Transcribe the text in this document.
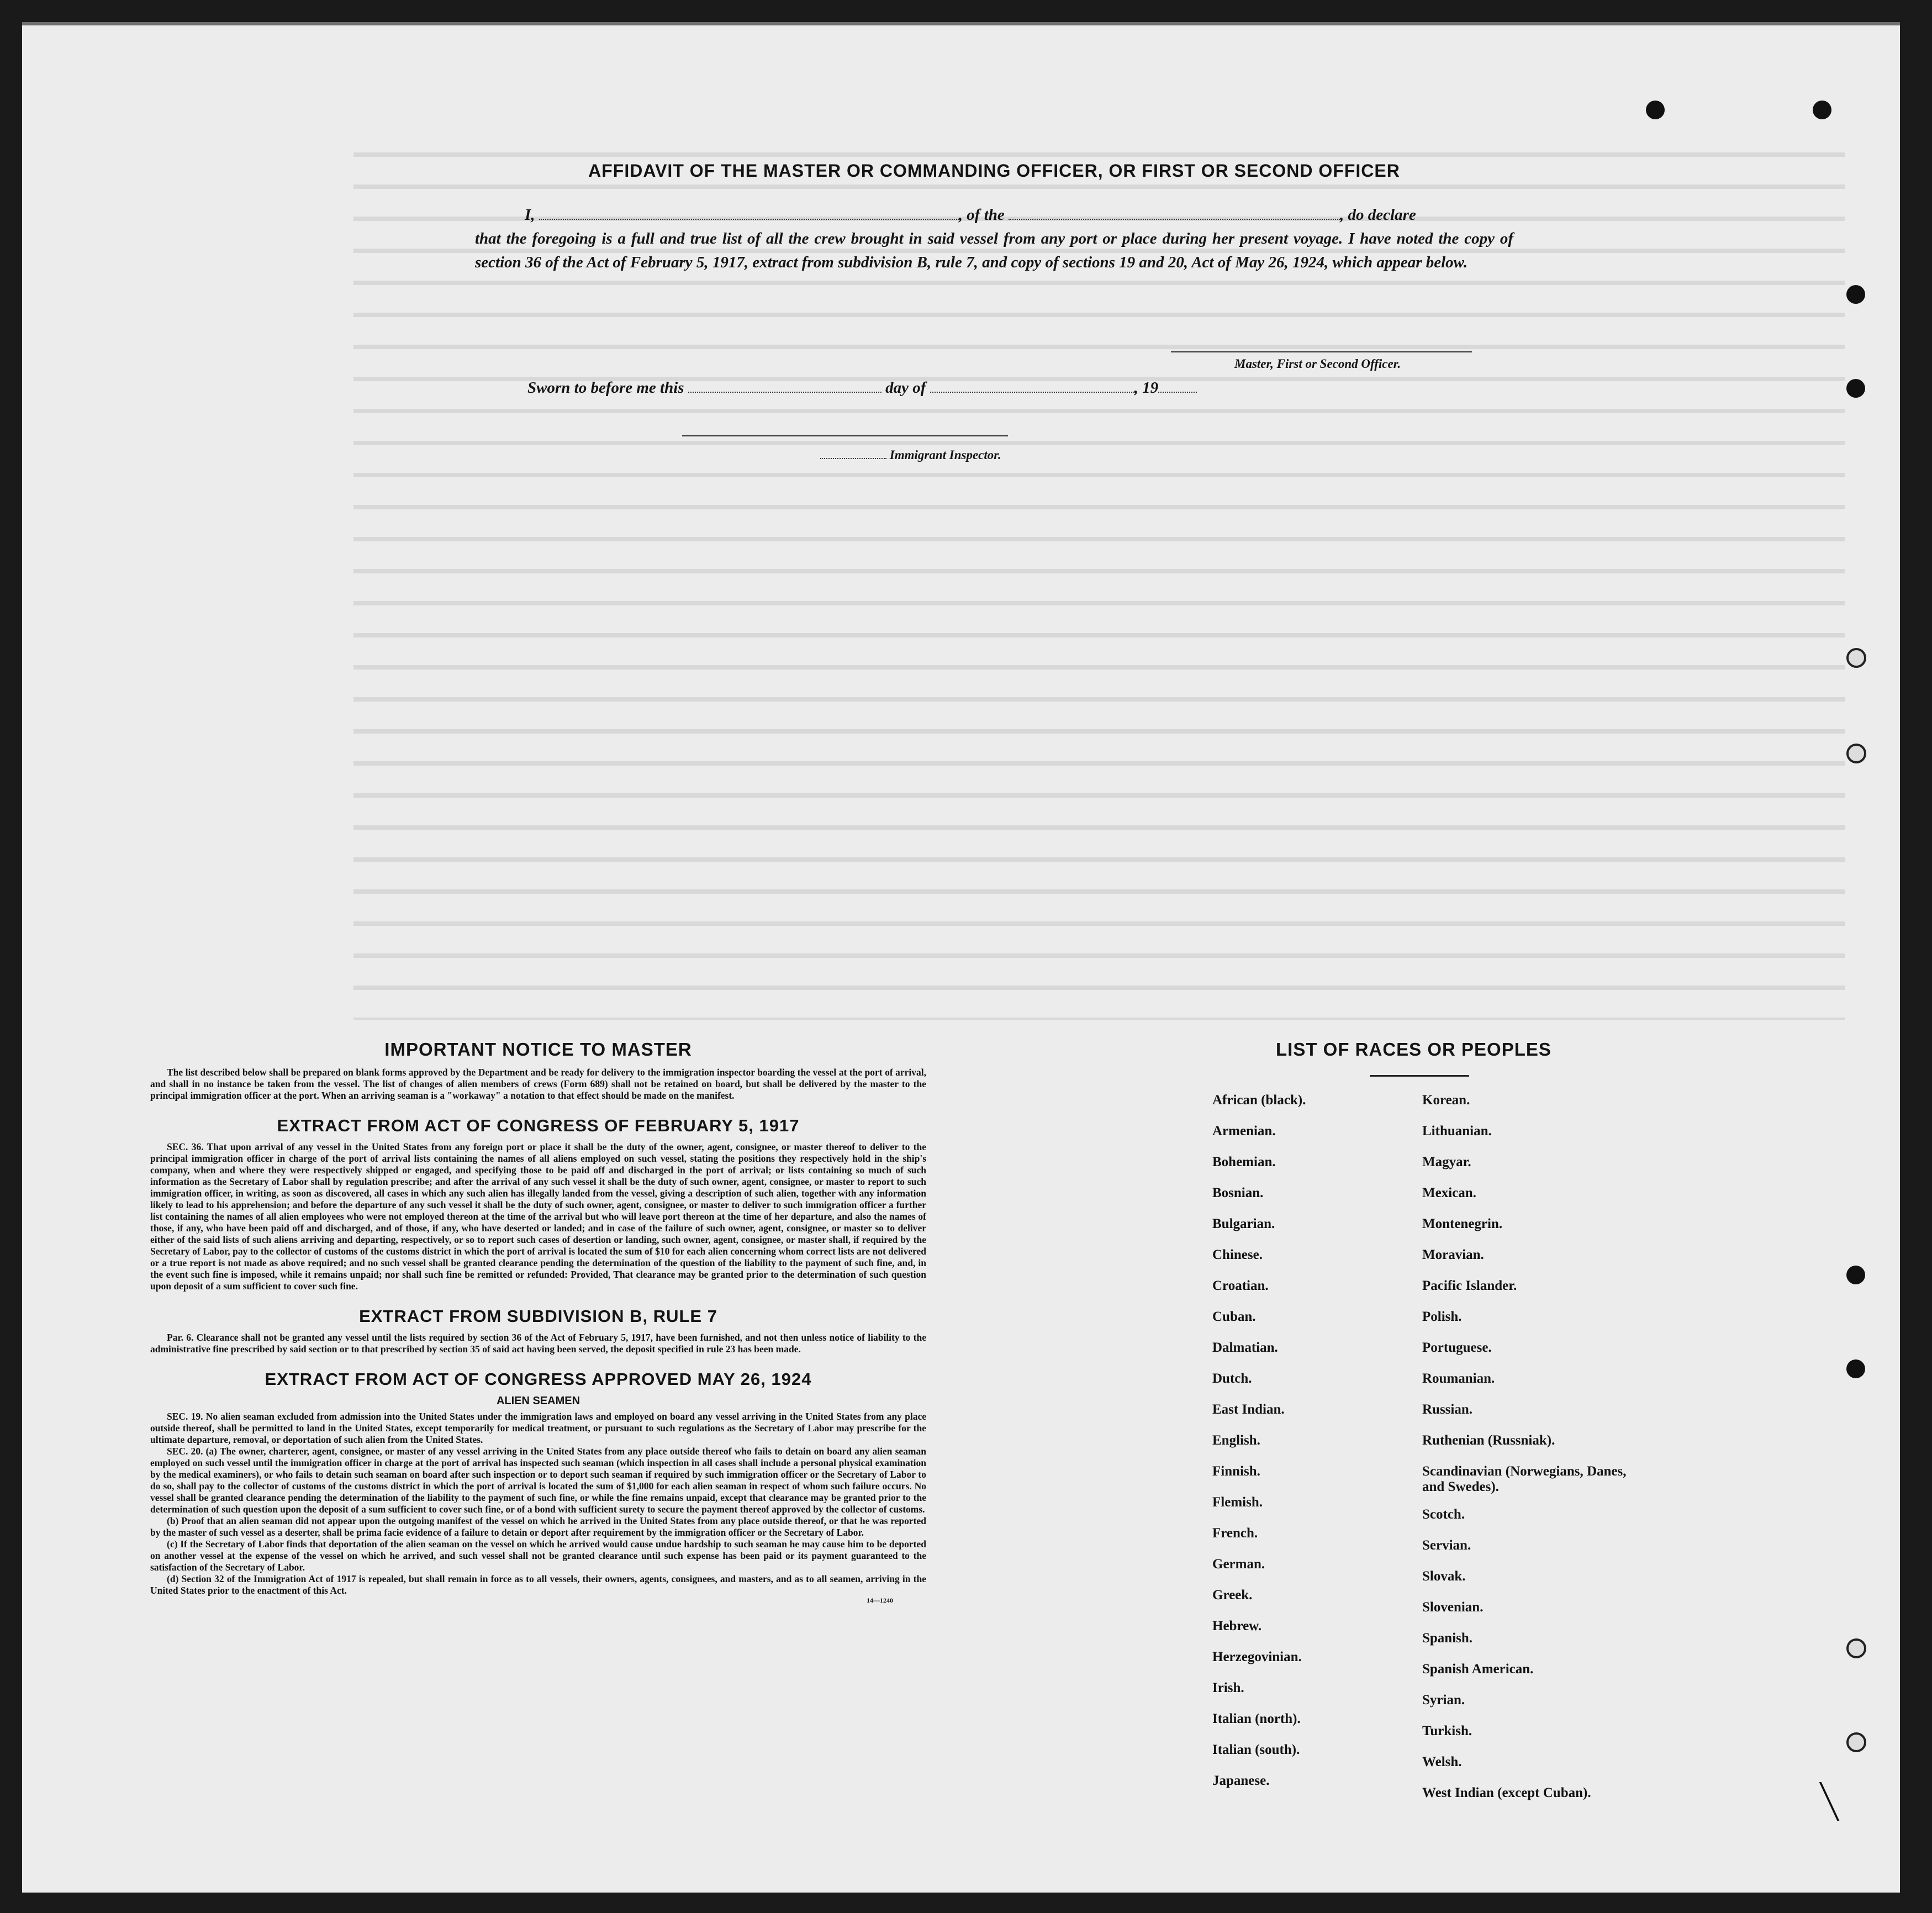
AFFIDAVIT OF THE MASTER OR COMMANDING OFFICER, OR FIRST OR SECOND OFFICER

I,	, of the	, do declare

that the foregoing is a full and true list of all the crew brought in said vessel from any port or place during her present voyage. I have noted the copy of section 36 of the Act of February 5, 1917, extract from subdivision B, rule 7, and copy of sections 19 and 20, Act of May 26, 1924, which appear below.

Master, First or Second Officer.
Sworn to before me this	day of	, 19
Immigrant Inspector.

IMPORTANT NOTICE TO MASTER

The list described below shall be prepared on blank forms approved by the Department and be ready for delivery to the immigration inspector boarding the vessel at the port of arrival, and shall in no instance be taken from the vessel. The list of changes of alien members of crews (Form 689) shall not be retained on board, but shall be delivered by the master to the principal immigration officer at the port. When an arriving seaman is a "workaway" a notation to that effect should be made on the manifest.

EXTRACT FROM ACT OF CONGRESS OF FEBRUARY 5, 1917

SEC. 36. That upon arrival of any vessel in the United States from any foreign port or place it shall be the duty of the owner, agent, consignee, or master thereof to deliver to the principal immigration officer in charge of the port of arrival lists containing the names of all aliens employed on such vessel, stating the positions they respectively hold in the ship's company, when and where they were respectively shipped or engaged, and specifying those to be paid off and discharged in the port of arrival; or lists containing so much of such information as the Secretary of Labor shall by regulation prescribe; and after the arrival of any such vessel it shall be the duty of such owner, agent, consignee, or master to report to such immigration officer, in writing, as soon as discovered, all cases in which any such alien has illegally landed from the vessel, giving a description of such alien, together with any information likely to lead to his apprehension; and before the departure of any such vessel it shall be the duty of such owner, agent, consignee, or master to deliver to such immigration officer a further list containing the names of all alien employees who were not employed thereon at the time of the arrival but who will leave port thereon at the time of her departure, and also the names of those, if any, who have been paid off and discharged, and of those, if any, who have deserted or landed; and in case of the failure of such owner, agent, consignee, or master so to deliver either of the said lists of such aliens arriving and departing, respectively, or so to report such cases of desertion or landing, such owner, agent, consignee, or master shall, if required by the Secretary of Labor, pay to the collector of customs of the customs district in which the port of arrival is located the sum of $10 for each alien concerning whom correct lists are not delivered or a true report is not made as above required; and no such vessel shall be granted clearance pending the determination of the question of the liability to the payment of such fine, and, in the event such fine is imposed, while it remains unpaid; nor shall such fine be remitted or refunded: Provided, That clearance may be granted prior to the determination of such question upon deposit of a sum sufficient to cover such fine.

EXTRACT FROM SUBDIVISION B, RULE 7

Par. 6. Clearance shall not be granted any vessel until the lists required by section 36 of the Act of February 5, 1917, have been furnished, and not then unless notice of liability to the administrative fine prescribed by said section or to that prescribed by section 35 of said act having been served, the deposit specified in rule 23 has been made.

EXTRACT FROM ACT OF CONGRESS APPROVED MAY 26, 1924

ALIEN SEAMEN

SEC. 19. No alien seaman excluded from admission into the United States under the immigration laws and employed on board any vessel arriving in the United States from any place outside thereof, shall be permitted to land in the United States, except temporarily for medical treatment, or pursuant to such regulations as the Secretary of Labor may prescribe for the ultimate departure, removal, or deportation of such alien from the United States.

SEC. 20. (a) The owner, charterer, agent, consignee, or master of any vessel arriving in the United States from any place outside thereof who fails to detain on board any alien seaman employed on such vessel until the immigration officer in charge at the port of arrival has inspected such seaman (which inspection in all cases shall include a personal physical examination by the medical examiners), or who fails to detain such seaman on board after such inspection or to deport such seaman if required by such immigration officer or the Secretary of Labor to do so, shall pay to the collector of customs of the customs district in which the port of arrival is located the sum of $1,000 for each alien seaman in respect of whom such failure occurs. No vessel shall be granted clearance pending the determination of the liability to the payment of such fine, or while the fine remains unpaid, except that clearance may be granted prior to the determination of such question upon the deposit of a sum sufficient to cover such fine, or of a bond with sufficient surety to secure the payment thereof approved by the collector of customs.

(b) Proof that an alien seaman did not appear upon the outgoing manifest of the vessel on which he arrived in the United States from any place outside thereof, or that he was reported by the master of such vessel as a deserter, shall be prima facie evidence of a failure to detain or deport after requirement by the immigration officer or the Secretary of Labor.

(c) If the Secretary of Labor finds that deportation of the alien seaman on the vessel on which he arrived would cause undue hardship to such seaman he may cause him to be deported on another vessel at the expense of the vessel on which he arrived, and such vessel shall not be granted clearance until such expense has been paid or its payment guaranteed to the satisfaction of the Secretary of Labor.

(d) Section 32 of the Immigration Act of 1917 is repealed, but shall remain in force as to all vessels, their owners, agents, consignees, and masters, and as to all seamen, arriving in the United States prior to the enactment of this Act.

14—1240

LIST OF RACES OR PEOPLES

African (black).
Armenian.
Bohemian.
Bosnian.
Bulgarian.
Chinese.
Croatian.
Cuban.
Dalmatian.
Dutch.
East Indian.
English.
Finnish.
Flemish.
French.
German.
Greek.
Hebrew.
Herzegovinian.
Irish.
Italian (north).
Italian (south).
Japanese.
Korean.
Lithuanian.
Magyar.
Mexican.
Montenegrin.
Moravian.
Pacific Islander.
Polish.
Portuguese.
Roumanian.
Russian.
Ruthenian (Russniak).
Scandinavian (Norwegians, Danes, and Swedes).
Scotch.
Servian.
Slovak.
Slovenian.
Spanish.
Spanish American.
Syrian.
Turkish.
Welsh.
West Indian (except Cuban).
